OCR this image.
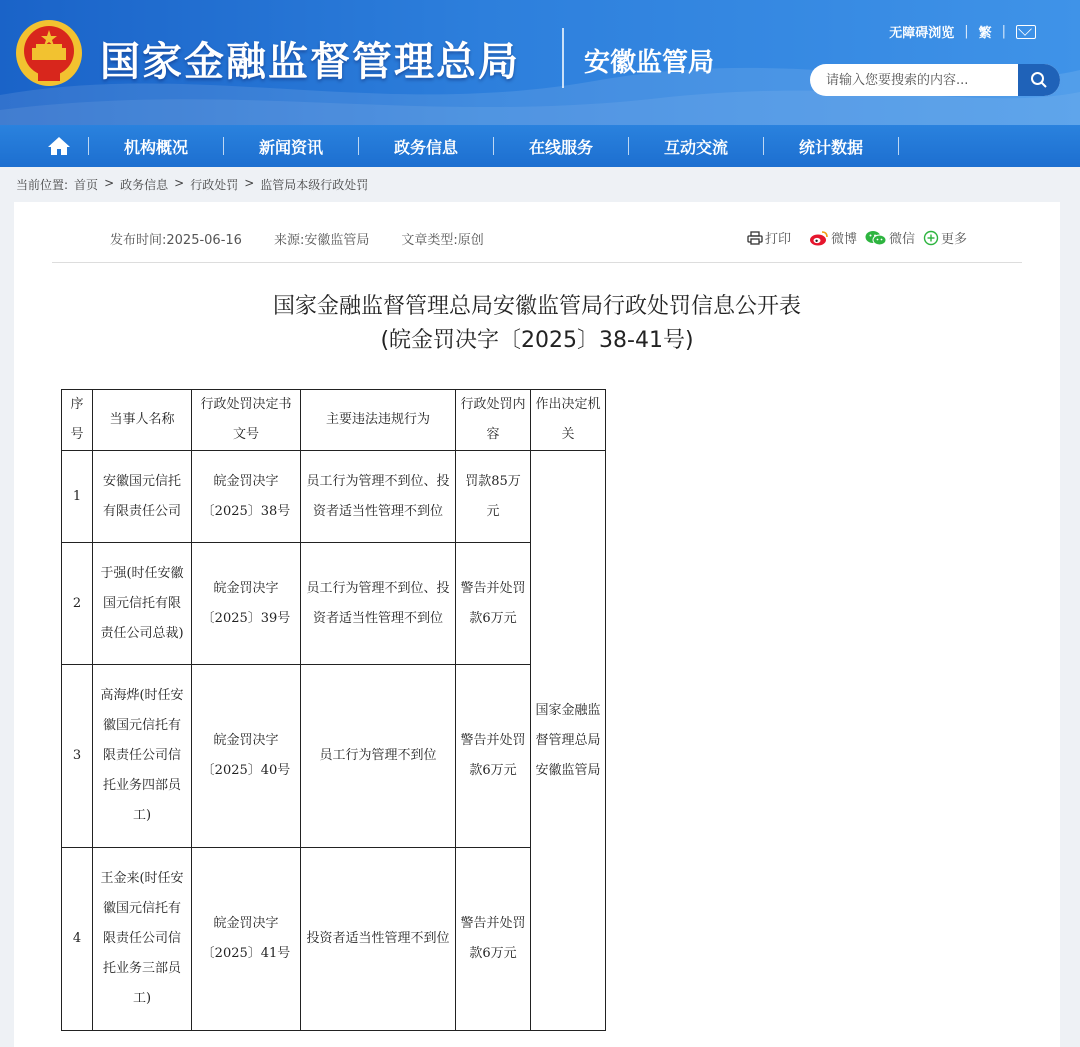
国家金融监督管理总局 安徽监管局
无障碍浏览 | 繁 |
请输入您要搜索的内容...
机构概况	新闻资讯	政务信息	在线服务	互动交流	统计数据
当前位置: 首页 > 政务信息 > 行政处罚 > 监管局本级行政处罚
发布时间:2025-06-16 来源:安徽监管局 文章类型:原创	打印	微博 微信 更多
国家金融监督管理总局安徽监管局行政处罚信息公开表
(皖金罚决字〔2025〕38-41号)
序号	当事人名称	行政处罚决定书文号	主要违法违规行为	行政处罚内容	作出决定机关
1	安徽国元信托有限责任公司	皖金罚决字〔2025〕38号	员工行为管理不到位、投资者适当性管理不到位	罚款85万元	国家金融监督管理总局安徽监管局
2	于强(时任安徽国元信托有限责任公司总裁)	皖金罚决字〔2025〕39号	员工行为管理不到位、投资者适当性管理不到位	警告并处罚款6万元	
3	高海烨(时任安徽国元信托有限责任公司信托业务四部员工)	皖金罚决字〔2025〕40号	员工行为管理不到位	警告并处罚款6万元	
4	王金来(时任安徽国元信托有限责任公司信托业务三部员工)	皖金罚决字〔2025〕41号	投资者适当性管理不到位	警告并处罚款6万元	
